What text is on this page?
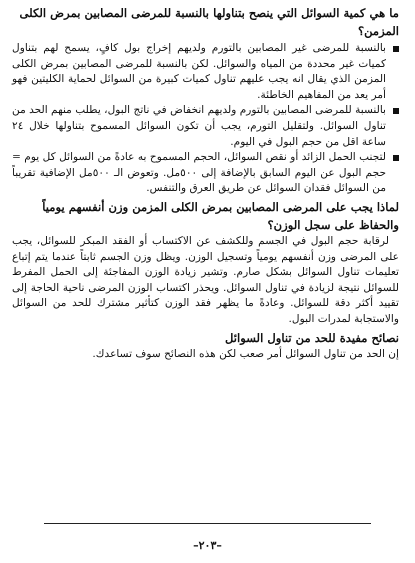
ما هي كمية السوائل التي ينصح بتناولها بالنسبة للمرضى المصابين بمرض الكلى المزمن؟
بالنسبة للمرضى غير المصابين بالتورم ولديهم إخراج بول كافٍ، يسمح لهم بتناول كميات غير محددة من المياه والسوائل. لكن بالنسبة للمرضى المصابين بمرض الكلى المزمن الذي يقال انه يجب عليهم تناول كميات كبيرة من السوائل لحماية الكليتين فهو أمر يعد من المفاهيم الخاطئة.
بالنسبة للمرضى المصابين بالتورم ولديهم انخفاض في ناتج البول، يطلب منهم الحد من تناول السوائل. ولتقليل التورم، يجب أن تكون السوائل المسموح بتناولها خلال ٢٤ ساعة اقل من حجم البول في اليوم.
لتجنب الحمل الزائد أو نقص السوائل، الحجم المسموح به عادةً من السوائل كل يوم = حجم البول عن اليوم السابق بالإضافة إلى ٥٠٠مل. وتعوض الـ ٥٠٠مل الإضافية تقريباً من السوائل فقدان السوائل عن طريق العرق والتنفس.
لماذا يجب على المرضى المصابين بمرض الكلى المزمن وزن أنفسهم يومياً والحفاظ على سجل الوزن؟

لرقابة حجم البول في الجسم وللكشف عن الاكتساب أو الفقد المبكر للسوائل، يجب على المرضى وزن أنفسهم يومياً وتسجيل الوزن. ويظل وزن الجسم ثابتاً عندما يتم إتباع تعليمات تناول السوائل بشكل صارم. وتشير زيادة الوزن المفاجئة إلى الحمل المفرط للسوائل نتيجة لزيادة في تناول السوائل. ويحذر اكتساب الوزن المرضى ناحية الحاجة إلى تقييد أكثر دقة للسوائل. وعادةً ما يظهر فقد الوزن كتأثير مشترك للحد من السوائل والاستجابة لمدرات البول.

نصائح مفيدة للحد من تناول السوائل

إن الحد من تناول السوائل أمر صعب لكن هذه النصائح سوف تساعدك.

–٢٠٣–
